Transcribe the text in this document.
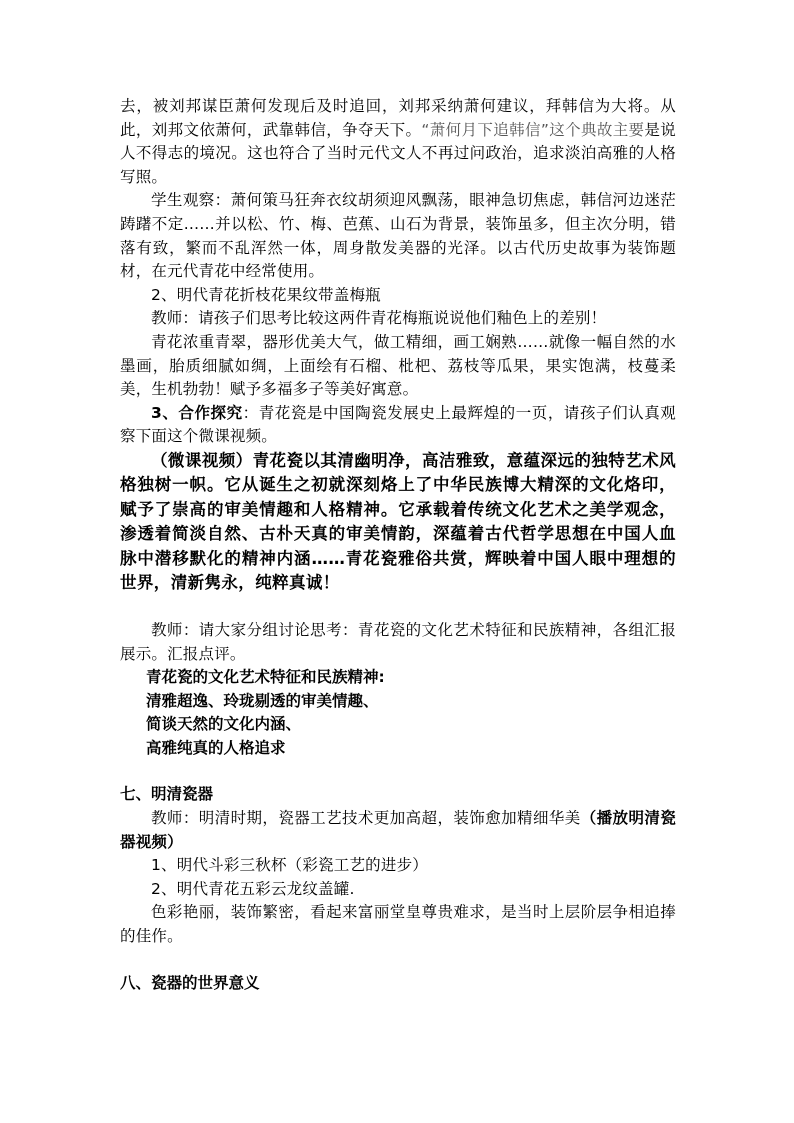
去，被刘邦谋臣萧何发现后及时追回，刘邦采纳萧何建议，拜韩信为大将。从此，刘邦文依萧何，武靠韩信，争夺天下。“萧何月下追韩信”这个典故主要是说人不得志的境况。这也符合了当时元代文人不再过问政治，追求淡泊高雅的人格写照。

学生观察：萧何策马狂奔衣纹胡须迎风飘荡，眼神急切焦虑，韩信河边迷茫踌躇不定……并以松、竹、梅、芭蕉、山石为背景，装饰虽多，但主次分明，错落有致，繁而不乱浑然一体，周身散发美器的光泽。以古代历史故事为装饰题材，在元代青花中经常使用。

2、明代青花折枝花果纹带盖梅瓶

教师：请孩子们思考比较这两件青花梅瓶说说他们釉色上的差别！

青花浓重青翠，器形优美大气，做工精细，画工娴熟……就像一幅自然的水墨画，胎质细腻如绸，上面绘有石榴、枇杷、荔枝等瓜果，果实饱满，枝蔓柔美，生机勃勃！赋予多福多子等美好寓意。

3、合作探究：青花瓷是中国陶瓷发展史上最辉煌的一页，请孩子们认真观察下面这个微课视频。

（微课视频）青花瓷以其清幽明净，高洁雅致，意蕴深远的独特艺术风格独树一帜。它从诞生之初就深刻烙上了中华民族博大精深的文化烙印，赋予了崇高的审美情趣和人格精神。它承载着传统文化艺术之美学观念，渗透着简淡自然、古朴天真的审美情韵，深蕴着古代哲学思想在中国人血脉中潜移默化的精神内涵……青花瓷雅俗共赏，辉映着中国人眼中理想的世界，清新隽永，纯粹真诚！

教师：请大家分组讨论思考：青花瓷的文化艺术特征和民族精神，各组汇报展示。汇报点评。

青花瓷的文化艺术特征和民族精神:

清雅超逸、玲珑剔透的审美情趣、

简谈天然的文化内涵、

高雅纯真的人格追求

七、明清瓷器

教师：明清时期，瓷器工艺技术更加高超，装饰愈加精细华美（播放明清瓷器视频）

1、明代斗彩三秋杯（彩瓷工艺的进步）

2、明代青花五彩云龙纹盖罐.

色彩艳丽，装饰繁密，看起来富丽堂皇尊贵难求，是当时上层阶层争相追捧的佳作。

八、瓷器的世界意义
